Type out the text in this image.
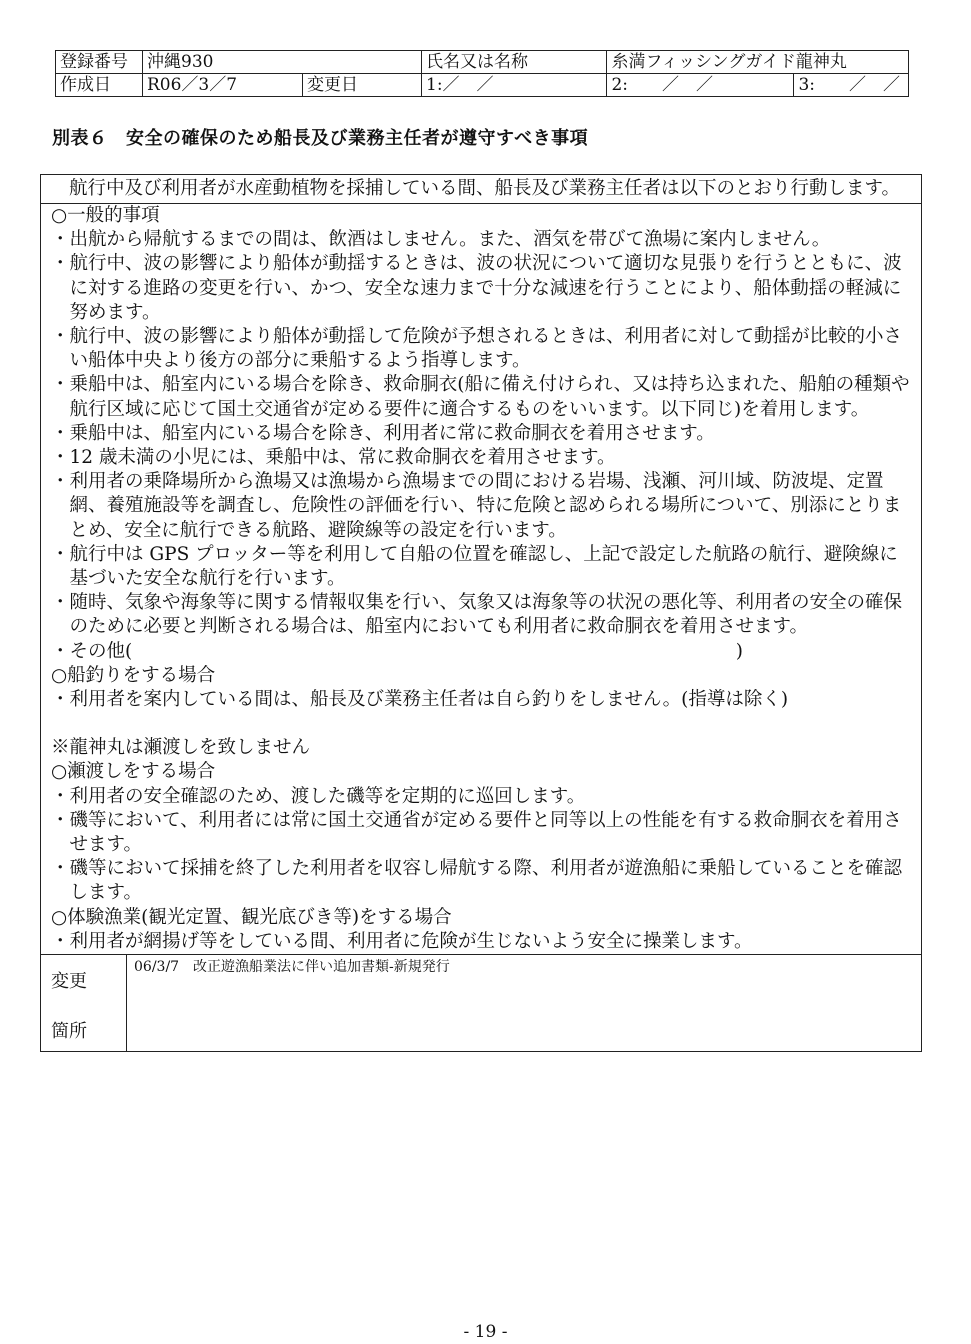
登録番号	沖縄930	氏名又は名称	糸満フィッシングガイド龍神丸	
作成日	R06／3／7 変更日	1:／　／	2:　　／　／	3:　　／　／
別表６　安全の確保のため船長及び業務主任者が遵守すべき事項
航行中及び利用者が水産動植物を採捕している間、船長及び業務主任者は以下のとおり行動します。
○一般的事項
・ 出航から帰航するまでの間は、飲酒はしません。また、酒気を帯びて漁場に案内しません。
・ 航行中、波の影響により船体が動揺するときは、波の状況について適切な見張りを行うとともに、波に対する進路の変更を行い、かつ、安全な速力まで十分な減速を行うことにより、船体動揺の軽減に努めます。
・ 航行中、波の影響により船体が動揺して危険が予想されるときは、利用者に対して動揺が比較的小さい船体中央より後方の部分に乗船するよう指導します。
・ 乗船中は、船室内にいる場合を除き、救命胴衣(船に備え付けられ、又は持ち込まれた、船舶の種類や航行区域に応じて国土交通省が定める要件に適合するものをいいます。以下同じ)を着用します。
・ 乗船中は、船室内にいる場合を除き、利用者に常に救命胴衣を着用させます。
・ 12 歳未満の小児には、乗船中は、常に救命胴衣を着用させます。
・ 利用者の乗降場所から漁場又は漁場から漁場までの間における岩場、浅瀬、河川域、防波堤、定置網、養殖施設等を調査し、危険性の評価を行い、特に危険と認められる場所について、別添にとりまとめ、安全に航行できる航路、避険線等の設定を行います。
・ 航行中は GPS プロッター等を利用して自船の位置を確認し、上記で設定した航路の航行、避険線に基づいた安全な航行を行います。
・ 随時、気象や海象等に関する情報収集を行い、気象又は海象等の状況の悪化等、利用者の安全の確保のために必要と判断される場合は、船室内においても利用者に救命胴衣を着用させます。
・その他(	)
○船釣りをする場合
・ 利用者を案内している間は、船長及び業務主任者は自ら釣りをしません。(指導は除く)
※龍神丸は瀬渡しを致しません
○瀬渡しをする場合
・ 利用者の安全確認のため、渡した磯等を定期的に巡回します。
・ 磯等において、利用者には常に国土交通省が定める要件と同等以上の性能を有する救命胴衣を着用させます。
・ 磯等において採捕を終了した利用者を収容し帰航する際、利用者が遊漁船に乗船していることを確認します。
○体験漁業(観光定置、観光底びき等)をする場合
・ 利用者が網揚げ等をしている間、利用者に危険が生じないよう安全に操業します。
変更
箇所
06/3/7　改正遊漁船業法に伴い追加書類-新規発行
- 19 -
